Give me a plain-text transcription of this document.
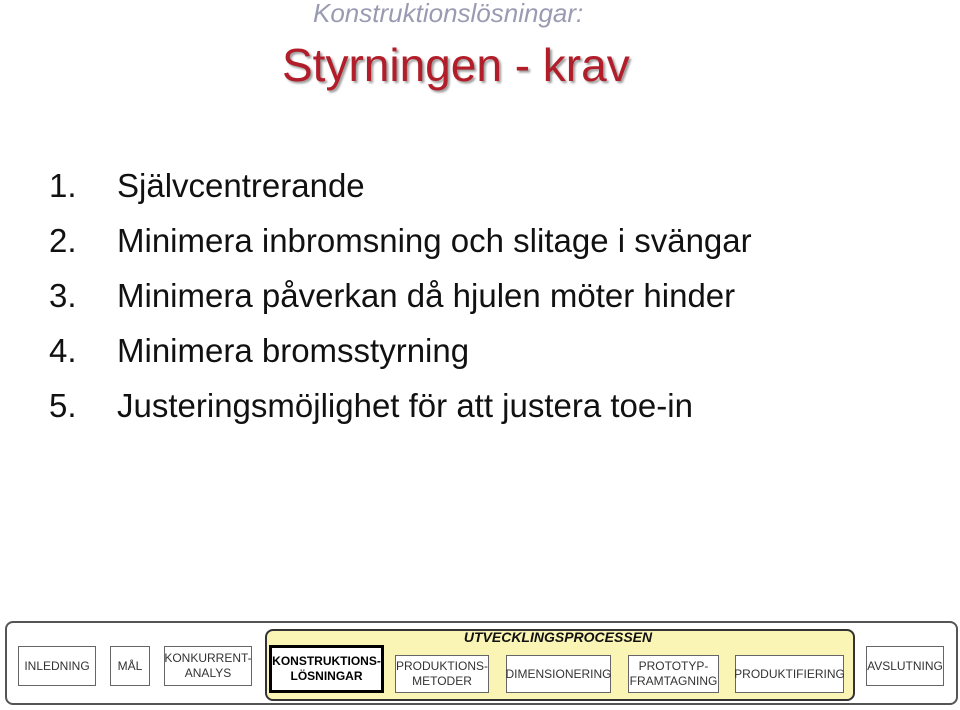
Konstruktionslösningar:
Styrningen - krav
1. Självcentrerande
2. Minimera inbromsning och slitage i svängar
3. Minimera påverkan då hjulen möter hinder
4. Minimera bromsstyrning
5. Justeringsmöjlighet för att justera toe-in
UTVECKLINGSPROCESSEN
INLEDNING	MÅL
KONKURRENT-
ANALYS
KONSTRUKTIONS-
LÖSNINGAR
PRODUKTIONS-
METODER
DIMENSIONERING
PROTOTYP-
FRAMTAGNING
PRODUKTIFIERING
AVSLUTNING
